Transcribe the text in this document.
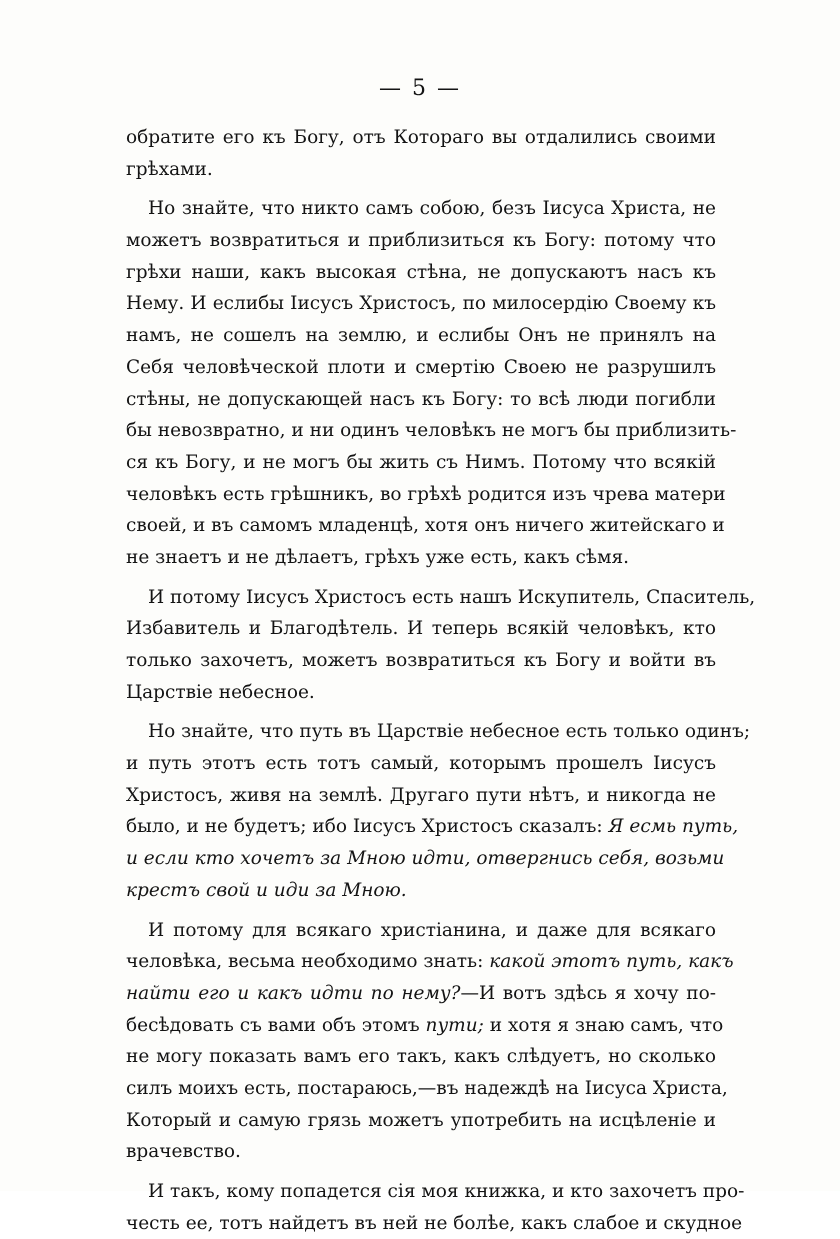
— 5 —
обратите его къ Богу, отъ Котораго вы отдалились своими
грѣхами.
Но знайте, что никто самъ собою, безъ Іисуса Христа, не
можетъ возвратиться и приблизиться къ Богу: потому что
грѣхи наши, какъ высокая стѣна, не допускаютъ насъ къ
Нему. И еслибы Іисусъ Христосъ, по милосердію Своему къ
намъ, не сошелъ на землю, и еслибы Онъ не принялъ на
Себя человѣческой плоти и смертію Своею не разрушилъ
стѣны, не допускающей насъ къ Богу: то всѣ люди погибли
бы невозвратно, и ни одинъ человѣкъ не могъ бы приблизить-
ся къ Богу, и не могъ бы жить съ Нимъ. Потому что всякій
человѣкъ есть грѣшникъ, во грѣхѣ родится изъ чрева матери
своей, и въ самомъ младенцѣ, хотя онъ ничего житейскаго и
не знаетъ и не дѣлаетъ, грѣхъ уже есть, какъ сѣмя.
И потому Іисусъ Христосъ есть нашъ Искупитель, Спаситель,
Избавитель и Благодѣтель. И теперь всякій человѣкъ, кто
только захочетъ, можетъ возвратиться къ Богу и войти въ
Царствіе небесное.
Но знайте, что путь въ Царствіе небесное есть только одинъ;
и путь этотъ есть тотъ самый, которымъ прошелъ Іисусъ
Христосъ, живя на землѣ. Другаго пути нѣтъ, и никогда не
было, и не будетъ; ибо Іисусъ Христосъ сказалъ: Я есмь путь,
и если кто хочетъ за Мною идти, отвергнись себя, возьми
крестъ свой и иди за Мною.
И потому для всякаго христіанина, и даже для всякаго
человѣка, весьма необходимо знать: какой этотъ путь, какъ
найти его и какъ идти по нему?—И вотъ здѣсь я хочу по-
бесѣдовать съ вами объ этомъ пути; и хотя я знаю самъ, что
не могу показать вамъ его такъ, какъ слѣдуетъ, но сколько
силъ моихъ есть, постараюсь,—въ надеждѣ на Іисуса Христа,
Который и самую грязь можетъ употребить на исцѣленіе и
врачевство.
И такъ, кому попадется сія моя книжка, и кто захочетъ про-
честь ее, тотъ найдетъ въ ней не болѣе, какъ слабое и скудное
